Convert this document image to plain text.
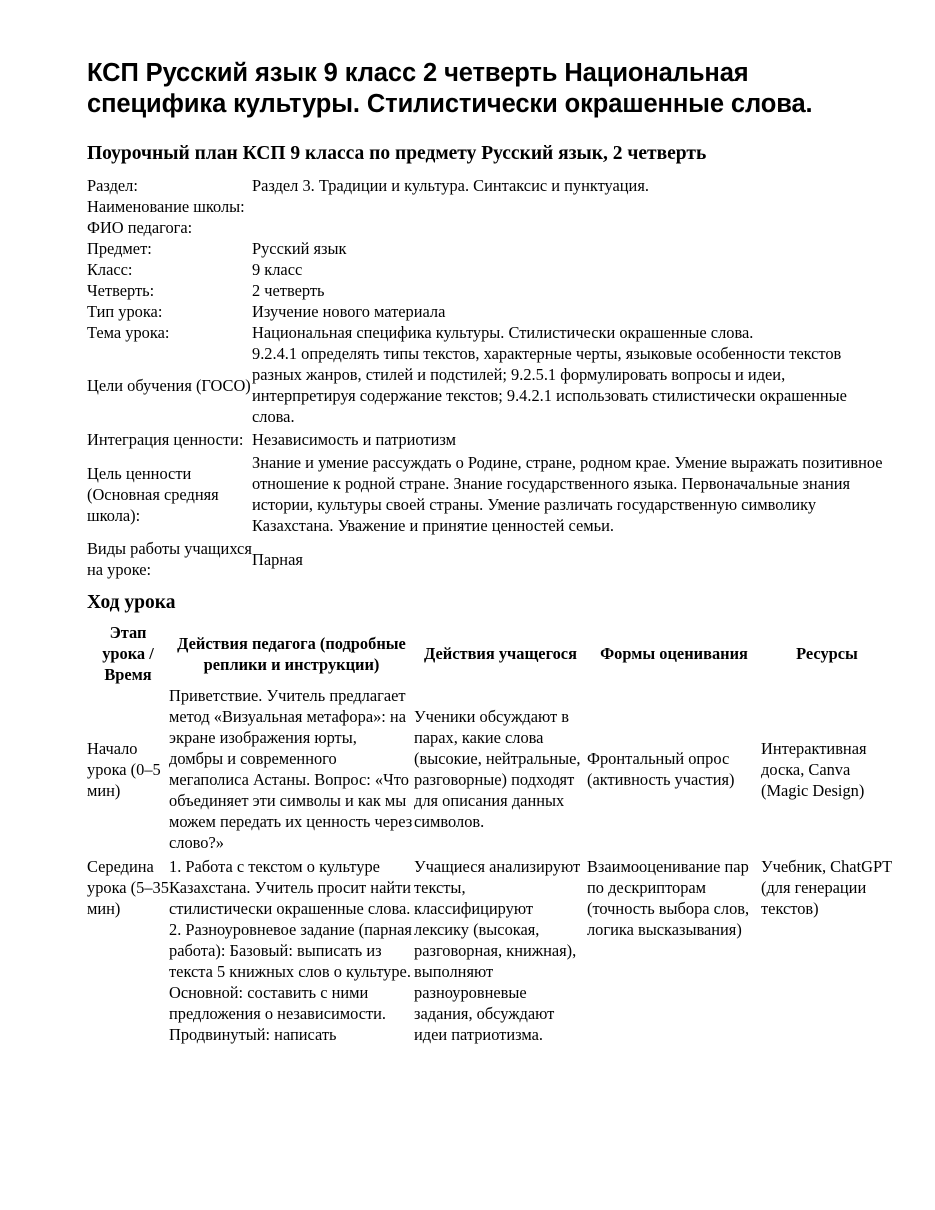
КСП Русский язык 9 класс 2 четверть Национальная специфика культуры. Стилистически окрашенные слова.
Поурочный план КСП 9 класса по предмету Русский язык, 2 четверть
Раздел:	Раздел 3. Традиции и культура. Синтаксис и пунктуация.
Наименование школы:	
ФИО педагога:	
Предмет:	Русский язык
Класс:	9 класс
Четверть:	2 четверть
Тип урока:	Изучение нового материала
Тема урока:	Национальная специфика культуры. Стилистически окрашенные слова.
Цели обучения (ГОСО)	9.2.4.1 определять типы текстов, характерные черты, языковые особенности текстов разных жанров, стилей и подстилей; 9.2.5.1 формулировать вопросы и идеи, интерпретируя содержание текстов; 9.4.2.1 использовать стилистически окрашенные слова.
Интеграция ценности:	Независимость и патриотизм
Цель ценности (Основная средняя школа):	Знание и умение рассуждать о Родине, стране, родном крае. Умение выражать позитивное отношение к родной стране. Знание государственного языка. Первоначальные знания истории, культуры своей страны. Умение различать государственную символику Казахстана. Уважение и принятие ценностей семьи.
Виды работы учащихся на уроке:	Парная
Ход урока
Этап урока / Время	Действия педагога (подробные реплики и инструкции)	Действия учащегося	Формы оценивания	Ресурсы
Начало урока (0–5 мин)	Приветствие. Учитель предлагает метод «Визуальная метафора»: на экране изображения юрты, домбры и современного мегаполиса Астаны. Вопрос: «Что объединяет эти символы и как мы можем передать их ценность через слово?»	Ученики обсуждают в парах, какие слова (высокие, нейтральные, разговорные) подходят для описания данных символов.	Фронтальный опрос (активность участия)	Интерактивная доска, Canva (Magic Design)
Середина урока (5–35 мин)	1. Работа с текстом о культуре Казахстана. Учитель просит найти стилистически окрашенные слова. 2. Разноуровневое задание (парная работа): Базовый: выписать из текста 5 книжных слов о культуре. Основной: составить с ними предложения о независимости. Продвинутый: написать	Учащиеся анализируют тексты, классифицируют лексику (высокая, разговорная, книжная), выполняют разноуровневые задания, обсуждают идеи патриотизма.	Взаимооценивание пар по дескрипторам (точность выбора слов, логика высказывания)	Учебник, ChatGPT (для генерации текстов)
